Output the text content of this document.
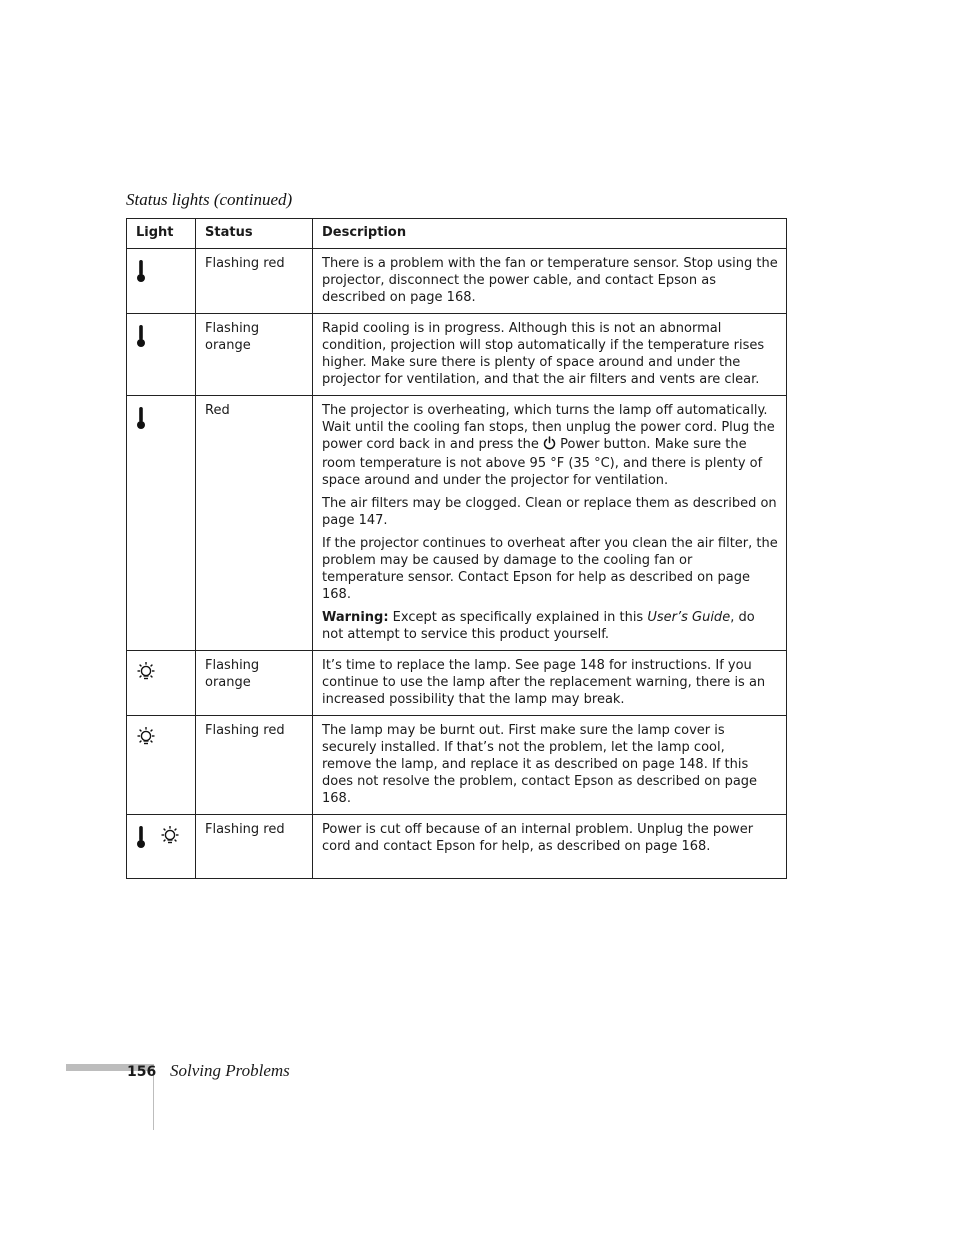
Status lights (continued)
Light	Status	Description
	Flashing red	There is a problem with the fan or temperature sensor. Stop using the projector, disconnect the power cable, and contact Epson as described on page 168.

	Flashing orange	Rapid cooling is in progress. Although this is not an abnormal condition, projection will stop automatically if the temperature rises higher. Make sure there is plenty of space around and under the projector for ventilation, and that the air filters and vents are clear.

	Red	The projector is overheating, which turns the lamp off automatically. Wait until the cooling fan stops, then unplug the power cord. Plug the power cord back in and press the  Power button. Make sure the room temperature is not above 95 °F (35 °C), and there is plenty of space around and under the projector for ventilation.

The air filters may be clogged. Clean or replace them as described on page 147.

If the projector continues to overheat after you clean the air filter, the problem may be caused by damage to the cooling fan or temperature sensor. Contact Epson for help as described on page 168.

Warning: Except as specifically explained in this User’s Guide, do not attempt to service this product yourself.

	Flashing orange	It’s time to replace the lamp. See page 148 for instructions. If you continue to use the lamp after the replacement warning, there is an increased possibility that the lamp may break.

	Flashing red	The lamp may be burnt out. First make sure the lamp cover is securely installed. If that’s not the problem, let the lamp cool, remove the lamp, and replace it as described on page 148. If this does not resolve the problem, contact Epson as described on page 168.

	Flashing red	Power is cut off because of an internal problem. Unplug the power cord and contact Epson for help, as described on page 168.

156 Solving Problems
